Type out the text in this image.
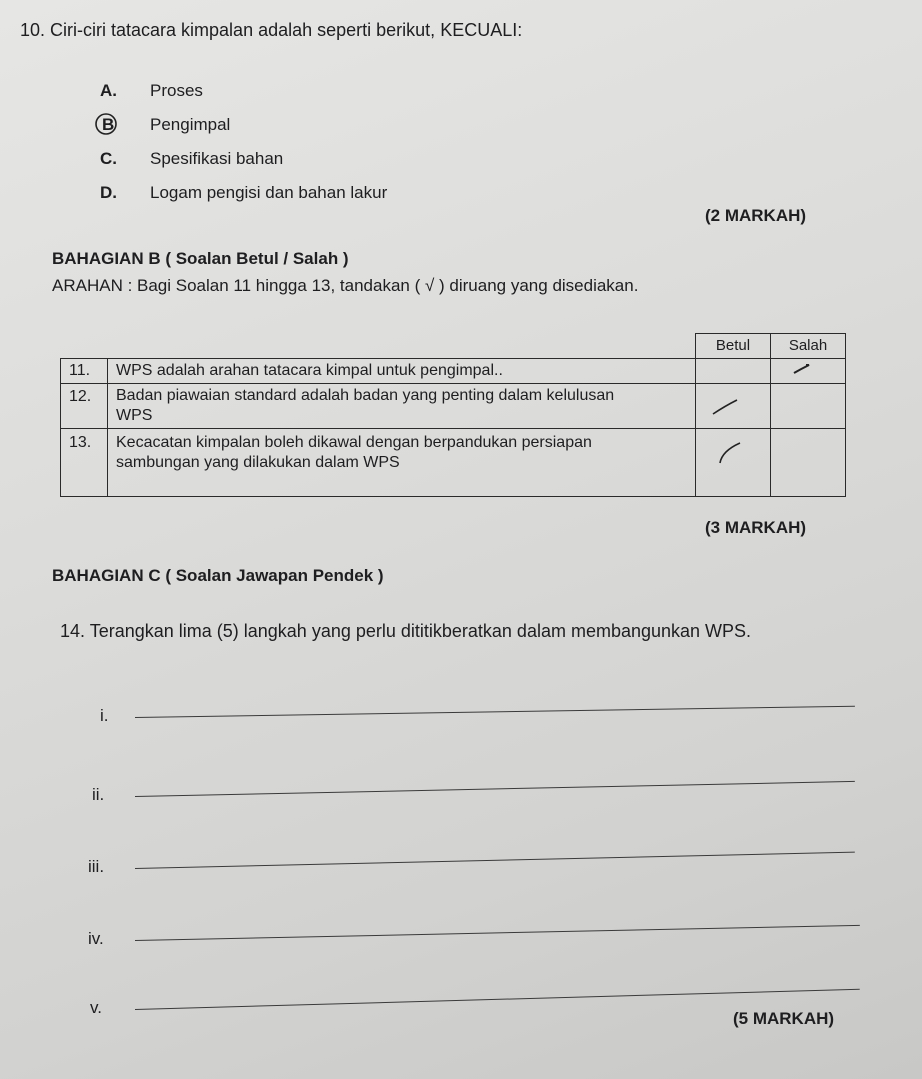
10. Ciri-ciri tatacara kimpalan adalah seperti berikut, KECUALI:
A. Proses
B Pengimpal
C. Spesifikasi bahan
D. Logam pengisi dan bahan lakur
(2 MARKAH)
BAHAGIAN B ( Soalan Betul / Salah )
ARAHAN : Bagi Soalan 11 hingga 13, tandakan ( √ ) diruang yang disediakan.
Betul	Salah
11.	WPS adalah arahan tatacara kimpal untuk pengimpal..		

12.	Badan piawaian standard adalah badan yang penting dalam kelulusan WPS	

13.	Kecacatan kimpalan boleh dikawal dengan berpandukan persiapan sambungan yang dilakukan dalam WPS	

(3 MARKAH)
BAHAGIAN C ( Soalan Jawapan Pendek )
14. Terangkan lima (5) langkah yang perlu dititikberatkan dalam membangunkan WPS.
i.
ii.
iii.
iv.
v.
(5 MARKAH)
